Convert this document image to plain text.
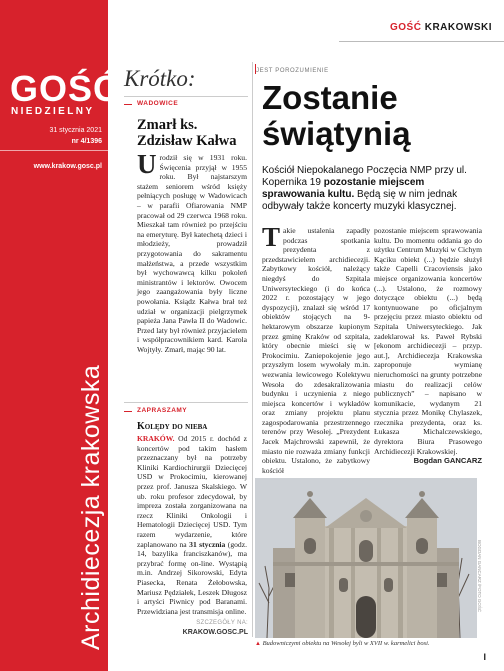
GOŚĆ
NIEDZIELNY
31 stycznia 2021
nr 4/1396
www.krakow.gosc.pl
Archidiecezja krakowska
GOŚĆ KRAKOWSKI
Krótko:
WADOWICE
Zmarł ks. Zdzisław Kałwa
Urodził się w 1931 roku. Święcenia przyjął w 1955 roku. Był najstarszym stażem seniorem wśród księży pełniących posługę w Wadowicach – w parafii Ofiarowania NMP pracował od 29 czerwca 1968 roku. Mieszkał tam również po przejściu na emeryturę. Był katechetą dzieci i młodzieży, prowadził przygotowania do sakramentu małżeństwa, a przede wszystkim był wychowawcą kilku pokoleń ministrantów i lektorów. Owocem jego zaangażowania były liczne powołania. Ksiądz Kałwa brał też udział w organizacji pielgrzymek papieża Jana Pawła II do Wadowic. Przed laty był również przyjacielem i współpracownikiem kard. Karola Wojtyły. Zmarł, mając 90 lat.
ZAPRASZAMY
Kolędy do nieba
KRAKÓW. Od 2015 r. dochód z koncertów pod takim hasłem przeznaczany był na potrzeby Kliniki Kardiochirurgii Dziecięcej USD w Prokocimiu, kierowanej przez prof. Janusza Skalskiego. W ub. roku profesor zdecydował, by impreza została zorganizowana na rzecz Kliniki Onkologii i Hematologii Dziecięcej USD. Tym razem wydarzenie, które zaplanowano na 31 stycznia (godz. 14, bazylika franciszkanów), ma przybrać formę on-line. Wystąpią m.in. Andrzej Sikorowski, Edyta Piasecka, Renata Żełobowska, Mariusz Pędziałek, Leszek Długosz i artyści Piwnicy pod Baranami. Przewidziana jest transmisja online.
SZCZEGÓŁY NA:
KRAKOW.GOSC.PL
JEST POROZUMIENIE
Zostanie
świątynią
Kościół Niepokalanego Poczęcia NMP przy ul. Kopernika 19 pozostanie miejscem sprawowania kultu. Będą się w nim jednak odbywały także koncerty muzyki klasycznej.
Takie ustalenia zapadły podczas spotkania prezydenta z przedstawicielem archidiecezji. Zabytkowy kościół, należący niegdyś do Szpitala Uniwersyteckiego (i do końca 2022 r. pozostający w jego dyspozycji), znalazł się wśród 17 obiektów stojących na 9-hektarowym obszarze kupionym przez gminę Kraków od szpitala, który obecnie mieści się w Prokocimiu. Zaniepokojenie jego przyszłym losem wywołały m.in. wezwania lewicowego Kolektywu Wesoła do zdesakralizowania budynku i uczynienia z niego miejsca koncertów i wykładów oraz zmiany projektu planu zagospodarowania przestrzennego terenów przy Wesołej. „Prezydent Jacek Majchrowski zapewnił, że miasto nie rozważa zmiany funkcji obiektu. Ustalono, że zabytkowy kościół
pozostanie miejscem sprawowania kultu. Do momentu oddania go do użytku Centrum Muzyki w Cichym Kąciku obiekt (...) będzie służył także Capelli Cracoviensis jako miejsce organizowania koncertów (...). Ustalono, że rozmowy dotyczące obiektu (...) będą kontynuowane po oficjalnym przejęciu przez miasto obiektu od Szpitala Uniwersyteckiego. Jak zadeklarował ks. Paweł Rybski [ekonom archidiecezji – przyp. aut.], Archidiecezja Krakowska zaproponuje wymianę nieruchomości na grunty potrzebne miastu do realizacji celów publicznych” – napisano w komunikacie, wydanym 21 stycznia przez Monikę Chylaszek, rzecznika prezydenta, oraz ks. Łukasza Michalczewskiego, dyrektora Biura Prasowego Archidiecezji Krakowskiej.
Bogdan GANCARZ
BOGDAN GANCARZ /FOTO GOŚĆ
▲ Budowniczymi obiektu na Wesołej byli w XVII w. karmelici bosi.
I
